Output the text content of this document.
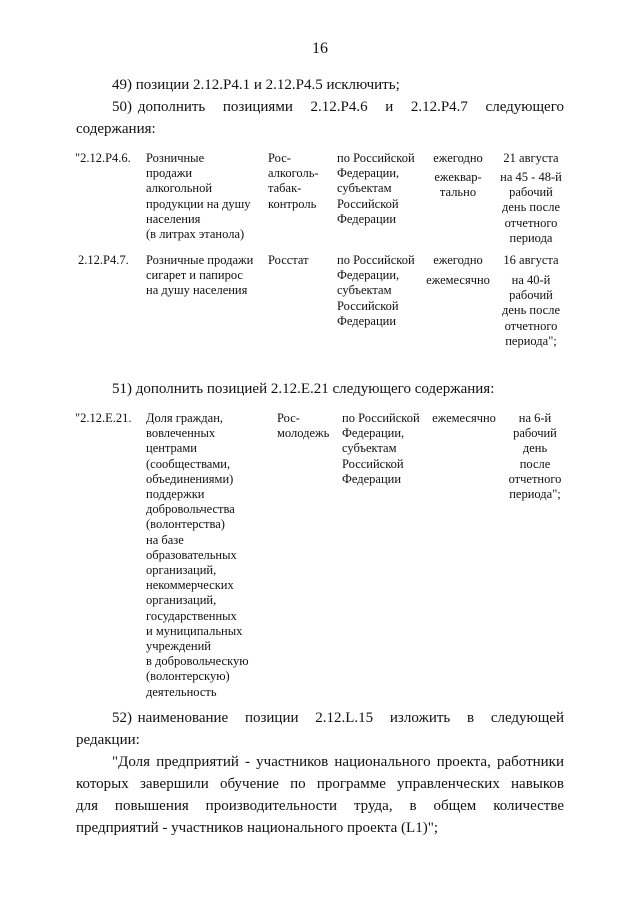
16
49) позиции 2.12.Р4.1 и 2.12.Р4.5 исключить;
50) дополнить   позициями   2.12.Р4.6   и   2.12.Р4.7   следующего
содержания:
"2.12.Р4.6. Розничные
продажи
алкогольной
продукции на душу
населения
(в литрах этанола)
Рос-
алкоголь-
табак-
контроль
по Российской
Федерации,
субъектам
Российской
Федерации
ежегодно
ежеквар-
тально
21 августа
на 45 - 48-й
рабочий
день после
отчетного
периода
2.12.Р4.7. Розничные продажи
сигарет и папирос
на душу населения
Росстат по Российской
Федерации,
субъектам
Российской
Федерации
ежегодно
ежемесячно
16 августа
на 40-й
рабочий
день после
отчетного
периода";
51) дополнить позицией 2.12.Е.21 следующего содержания:
"2.12.Е.21. Доля граждан,
вовлеченных
центрами
(сообществами,
объединениями)
поддержки
добровольчества
(волонтерства)
на базе
образовательных
организаций,
некоммерческих
организаций,
государственных
и муниципальных
учреждений
в добровольческую
(волонтерскую)
деятельность
Рос-
молодежь
по Российской
Федерации,
субъектам
Российской
Федерации
ежемесячно	на 6-й
рабочий
день
после
отчетного
периода";
52) наименование   позиции   2.12.L.15   изложить   в   следующей
редакции:
"Доля предприятий - участников национального проекта, работники
которых завершили обучение по программе управленческих навыков
для   повышения   производительности   труда,   в   общем   количестве
предприятий - участников национального проекта (L1)";
